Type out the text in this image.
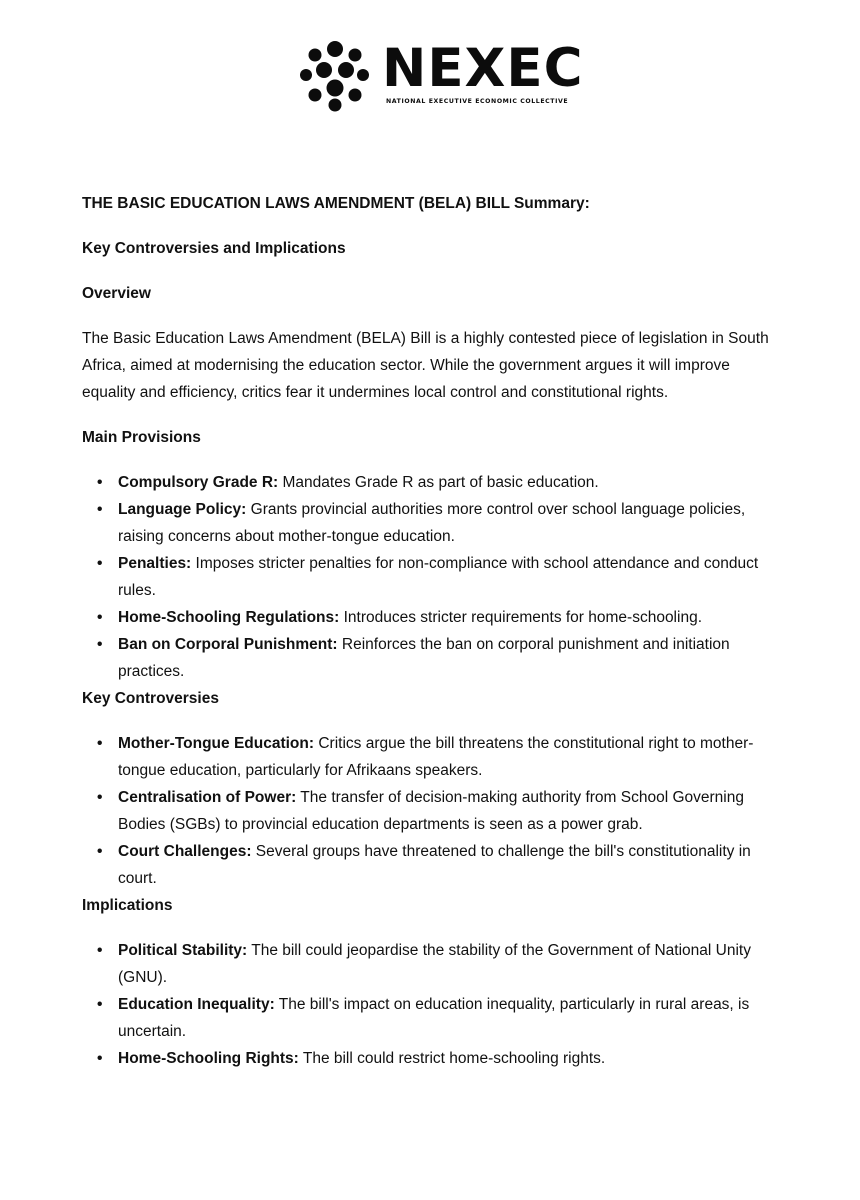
NEXEC
NATIONAL EXECUTIVE ECONOMIC COLLECTIVE

THE BASIC EDUCATION LAWS AMENDMENT (BELA) BILL Summary:

Key Controversies and Implications

Overview

The Basic Education Laws Amendment (BELA) Bill is a highly contested piece of legislation in South Africa, aimed at modernising the education sector. While the government argues it will improve equality and efficiency, critics fear it undermines local control and constitutional rights.

Main Provisions

• Compulsory Grade R: Mandates Grade R as part of basic education.
• Language Policy: Grants provincial authorities more control over school language policies, raising concerns about mother-tongue education.
• Penalties: Imposes stricter penalties for non-compliance with school attendance and conduct rules.
• Home-Schooling Regulations: Introduces stricter requirements for home-schooling.
• Ban on Corporal Punishment: Reinforces the ban on corporal punishment and initiation practices.

Key Controversies

• Mother-Tongue Education: Critics argue the bill threatens the constitutional right to mother-tongue education, particularly for Afrikaans speakers.
• Centralisation of Power: The transfer of decision-making authority from School Governing Bodies (SGBs) to provincial education departments is seen as a power grab.
• Court Challenges: Several groups have threatened to challenge the bill's constitutionality in court.

Implications

• Political Stability: The bill could jeopardise the stability of the Government of National Unity (GNU).
• Education Inequality: The bill's impact on education inequality, particularly in rural areas, is uncertain.
• Home-Schooling Rights: The bill could restrict home-schooling rights.
